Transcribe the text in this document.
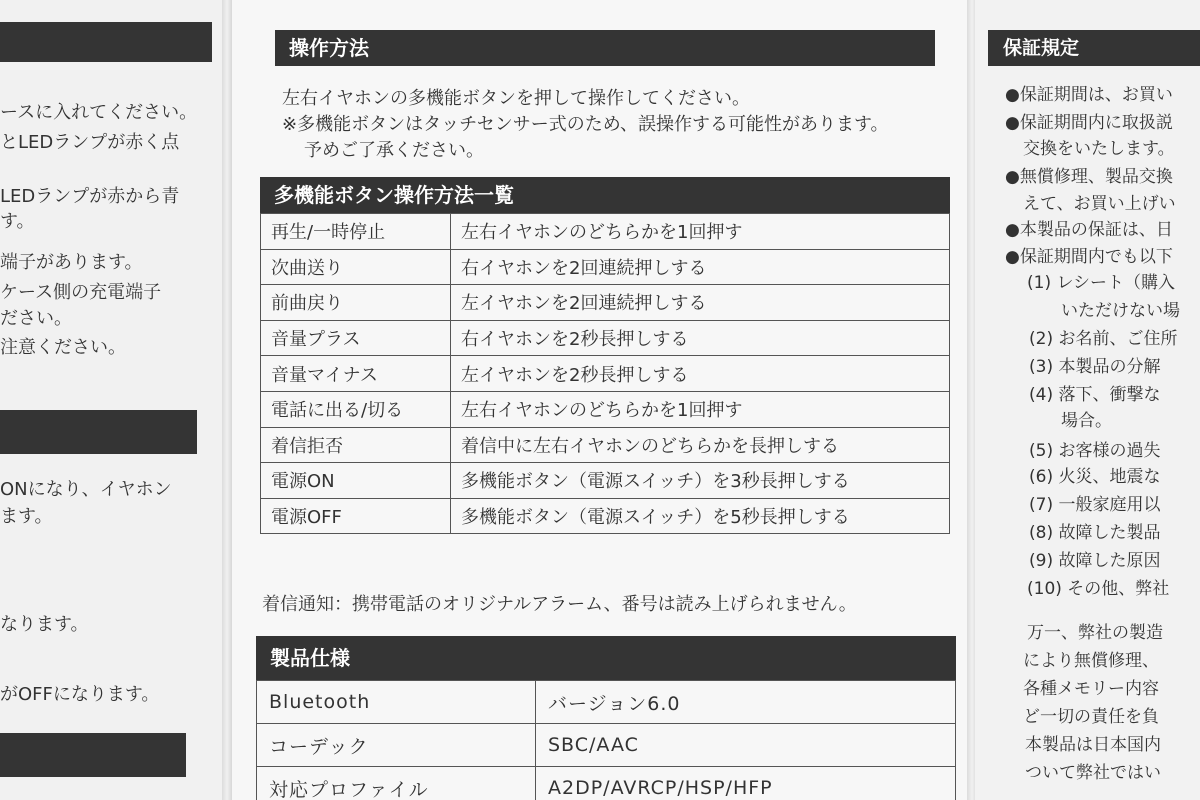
ースに入れてください。
とLEDランプが赤く点
LEDランプが赤から青
す。
端子があります。
ケース側の充電端子
ださい。
注意ください。
ONになり、イヤホン
ます。
なります。
がOFFになります。
操作方法
左右イヤホンの多機能ボタンを押して操作してください。
※多機能ボタンはタッチセンサー式のため、誤操作する可能性があります。
予めご了承ください。
多機能ボタン操作方法一覧
再生/一時停止	左右イヤホンのどちらかを1回押す
次曲送り	右イヤホンを2回連続押しする
前曲戻り	左イヤホンを2回連続押しする
音量プラス	右イヤホンを2秒長押しする
音量マイナス	左イヤホンを2秒長押しする
電話に出る/切る	左右イヤホンのどちらかを1回押す
着信拒否	着信中に左右イヤホンのどちらかを長押しする
電源ON	多機能ボタン（電源スイッチ）を3秒長押しする
電源OFF	多機能ボタン（電源スイッチ）を5秒長押しする
着信通知：携帯電話のオリジナルアラーム、番号は読み上げられません。
製品仕様
Bluetooth	バージョン6.0
コーデック	SBC/AAC
対応プロファイル	A2DP/AVRCP/HSP/HFP
保証規定
●保証期間は、お買い
●保証期間内に取扱説
交換をいたします。
●無償修理、製品交換
えて、お買い上げい
●本製品の保証は、日
●保証期間内でも以下
(1) レシート（購入
いただけない場
(2) お名前、ご住所
(3) 本製品の分解
(4) 落下、衝撃な
場合。
(5) お客様の過失
(6) 火災、地震な
(7) 一般家庭用以
(8) 故障した製品
(9) 故障した原因
(10) その他、弊社
万一、弊社の製造
により無償修理、
各種メモリー内容
ど一切の責任を負
本製品は日本国内
ついて弊社ではい
